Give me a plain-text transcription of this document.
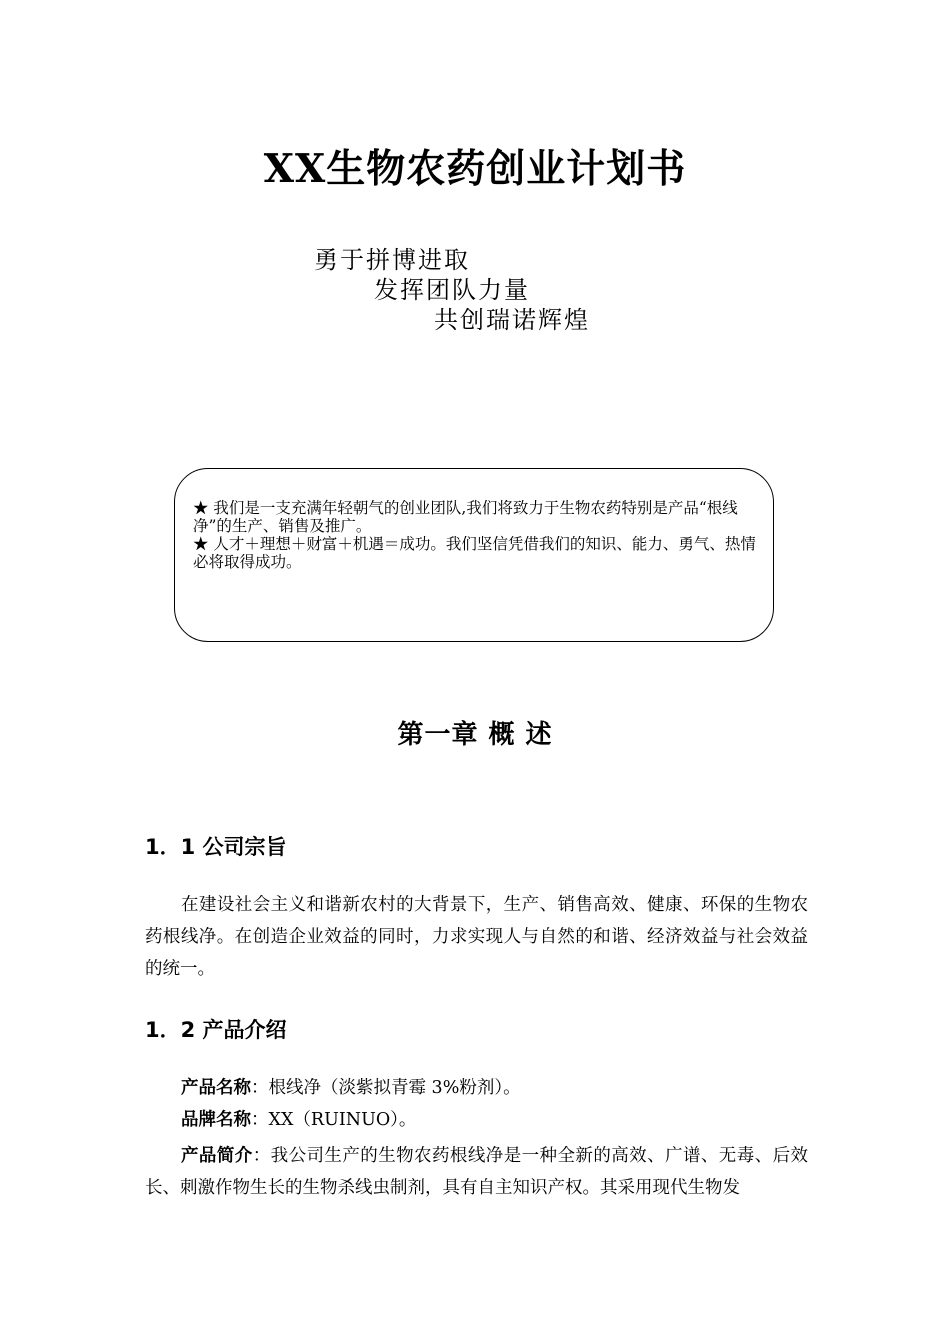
XX生物农药创业计划书
勇于拼博进取
发挥团队力量
共创瑞诺辉煌

★ 我们是一支充满年轻朝气的创业团队,我们将致力于生物农药特别是产品“根线净”的生产、销售及推广。

★ 人才＋理想＋财富＋机遇＝成功。我们坚信凭借我们的知识、能力、勇气、热情必将取得成功。

第一章 概 述
1．1 公司宗旨

在建设社会主义和谐新农村的大背景下，生产、销售高效、健康、环保的生物农药根线净。在创造企业效益的同时，力求实现人与自然的和谐、经济效益与社会效益的统一。

1．2 产品介绍

产品名称：根线净（淡紫拟青霉 3%粉剂）。

品牌名称：XX（RUINUO）。

产品简介：我公司生产的生物农药根线净是一种全新的高效、广谱、无毒、后效长、刺激作物生长的生物杀线虫制剂，具有自主知识产权。其采用现代生物发
